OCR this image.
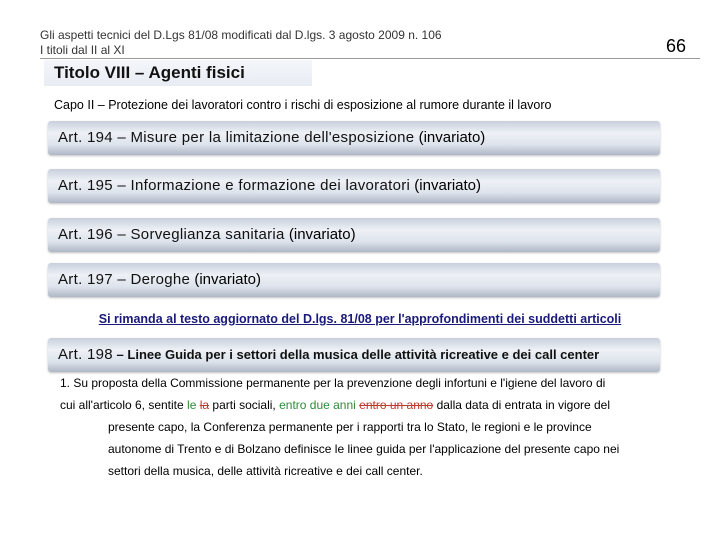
Gli aspetti tecnici del D.Lgs 81/08 modificati dal D.lgs. 3 agosto 2009 n. 106
I titoli dal II al XI	66
Titolo VIII – Agenti fisici
Capo II – Protezione dei lavoratori contro i rischi di esposizione al rumore durante il lavoro
Art. 194 – Misure per la limitazione dell'esposizione (invariato)
Art. 195 – Informazione e formazione dei lavoratori (invariato)
Art. 196 – Sorveglianza sanitaria (invariato)
Art. 197 – Deroghe (invariato)
Si rimanda al testo aggiornato del D.lgs. 81/08 per l'approfondimenti dei suddetti articoli
Art. 198 – Linee Guida per i settori della musica delle attività ricreative e dei call center
1. Su proposta della Commissione permanente per la prevenzione degli infortuni e l'igiene del lavoro di
cui all'articolo 6, sentite le la parti sociali, entro due anni entro un anno dalla data di entrata in vigore del
presente capo, la Conferenza permanente per i rapporti tra lo Stato, le regioni e le province
autonome di Trento e di Bolzano definisce le linee guida per l'applicazione del presente capo nei
settori della musica, delle attività ricreative e dei call center.
